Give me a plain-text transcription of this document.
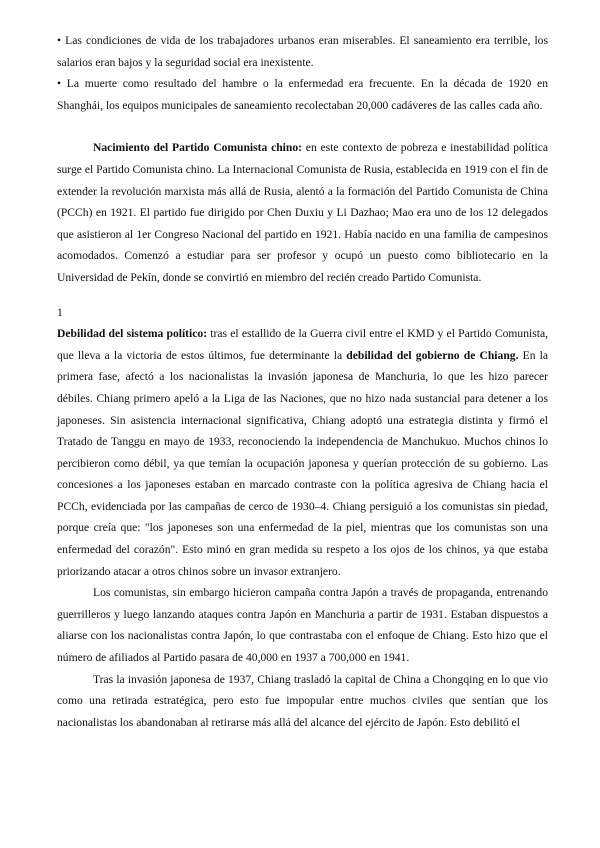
• Las condiciones de vida de los trabajadores urbanos eran miserables. El saneamiento era terrible, los salarios eran bajos y la seguridad social era inexistente.

• La muerte como resultado del hambre o la enfermedad era frecuente. En la década de 1920 en Shanghái, los equipos municipales de saneamiento recolectaban 20,000 cadáveres de las calles cada año.

Nacimiento del Partido Comunista chino: en este contexto de pobreza e inestabilidad política surge el Partido Comunista chino. La Internacional Comunista de Rusia, establecida en 1919 con el fin de extender la revolución marxista más allá de Rusia, alentó a la formación del Partido Comunista de China (PCCh) en 1921. El partido fue dirigido por Chen Duxiu y Li Dazhao; Mao era uno de los 12 delegados que asistieron al 1er Congreso Nacional del partido en 1921. Había nacido en una familia de campesinos acomodados. Comenzó a estudiar para ser profesor y ocupó un puesto como bibliotecario en la Universidad de Pekín, donde se convirtió en miembro del recién creado Partido Comunista.

1

Debilidad del sistema político: tras el estallido de la Guerra civil entre el KMD y el Partido Comunista, que lleva a la victoria de estos últimos, fue determinante la debilidad del gobierno de Chiang. En la primera fase, afectó a los nacionalistas la invasión japonesa de Manchuria, lo que les hizo parecer débiles. Chiang primero apeló a la Liga de las Naciones, que no hizo nada sustancial para detener a los japoneses. Sin asistencia internacional significativa, Chiang adoptó una estrategia distinta y firmó el Tratado de Tanggu en mayo de 1933, reconociendo la independencia de Manchukuo. Muchos chinos lo percibieron como débil, ya que temían la ocupación japonesa y querían protección de su gobierno. Las concesiones a los japoneses estaban en marcado contraste con la política agresiva de Chiang hacia el PCCh, evidenciada por las campañas de cerco de 1930–4. Chiang persiguió a los comunistas sin piedad, porque creía que: "los japoneses son una enfermedad de la piel, mientras que los comunistas son una enfermedad del corazón". Esto minó en gran medida su respeto a los ojos de los chinos, ya que estaba priorizando atacar a otros chinos sobre un invasor extranjero.

Los comunistas, sin embargo hicieron campaña contra Japón a través de propaganda, entrenando guerrilleros y luego lanzando ataques contra Japón en Manchuria a partir de 1931. Estaban dispuestos a aliarse con los nacionalistas contra Japón, lo que contrastaba con el enfoque de Chiang. Esto hizo que el número de afiliados al Partido pasara de 40,000 en 1937 a 700,000 en 1941.

Tras la invasión japonesa de 1937, Chiang trasladó la capital de China a Chongqing en lo que vio como una retirada estratégica, pero esto fue impopular entre muchos civiles que sentían que los nacionalistas los abandonaban al retirarse más allá del alcance del ejército de Japón. Esto debilitó el
